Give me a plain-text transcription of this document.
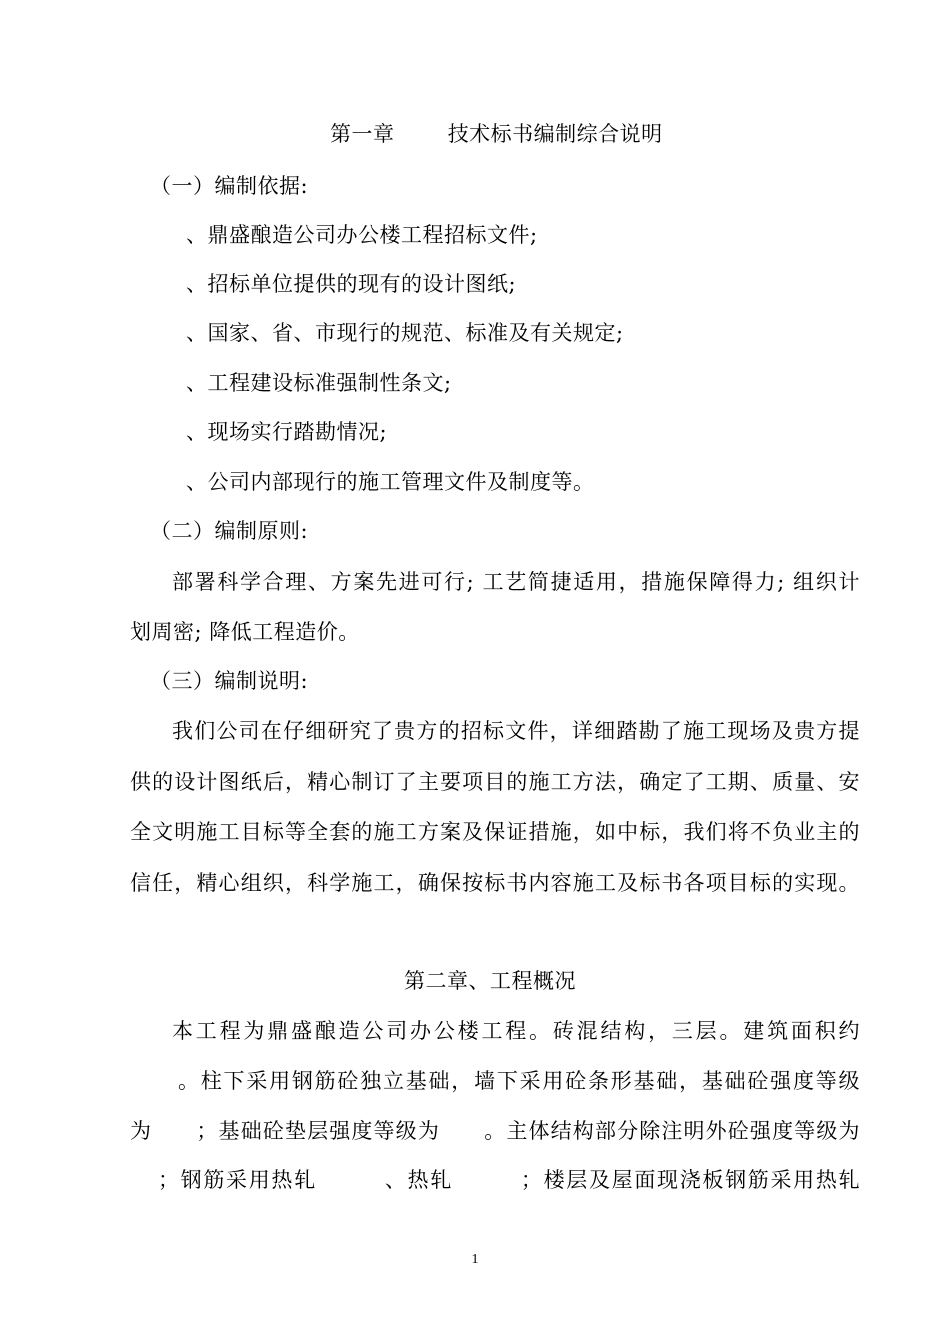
第一章	技术标书编制综合说明
（一）编制依据:
、鼎盛酿造公司办公楼工程招标文件;
、招标单位提供的现有的设计图纸;
、国家、省、市现行的规范、标准及有关规定;
、工程建设标准强制性条文;
、现场实行踏勘情况;
、公司内部现行的施工管理文件及制度等。
（二）编制原则:
部署科学合理、方案先进可行; 工艺简捷适用，措施保障得力; 组织计
划周密; 降低工程造价。
（三）编制说明:
我们公司在仔细研究了贵方的招标文件，详细踏勘了施工现场及贵方提
供的设计图纸后，精心制订了主要项目的施工方法，确定了工期、质量、安
全文明施工目标等全套的施工方案及保证措施，如中标，我们将不负业主的
信任，精心组织，科学施工，确保按标书内容施工及标书各项目标的实现。
第二章、工程概况
本工程为鼎盛酿造公司办公楼工程。砖混结构，三层。建筑面积约
。柱下采用钢筋砼独立基础，墙下采用砼条形基础，基础砼强度等级
为　　；基础砼垫层强度等级为　　。主体结构部分除注明外砼强度等级为
；钢筋采用热轧　　　、热轧　　　；楼层及屋面现浇板钢筋采用热轧
1
